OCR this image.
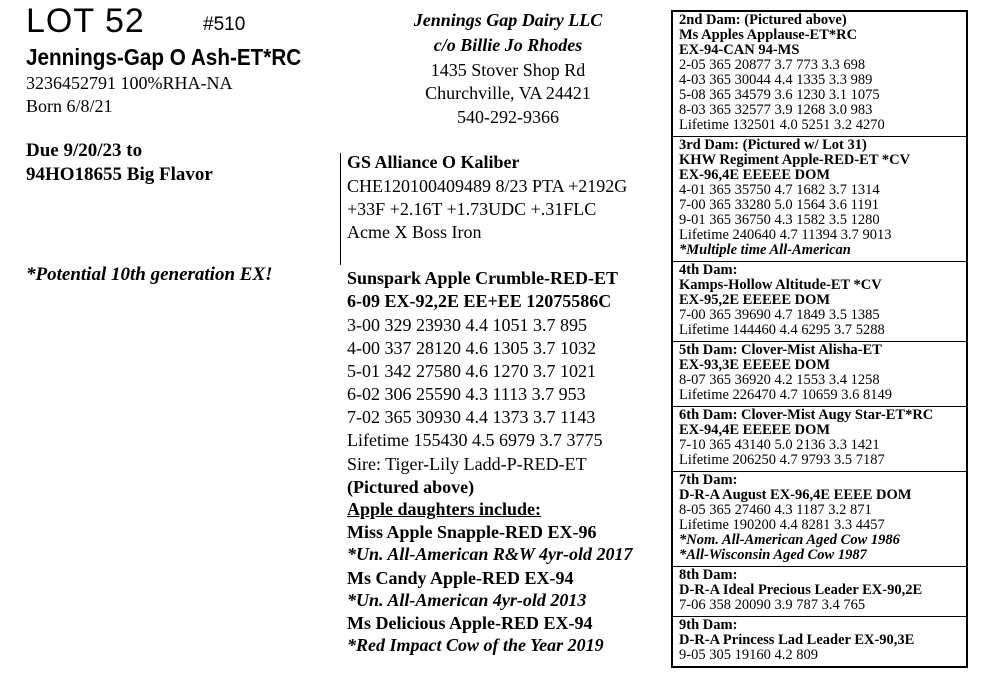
LOT 52	#510
Jennings-Gap O Ash-ET*RC
3236452791 100%RHA-NA
Born 6/8/21
Due 9/20/23 to
94HO18655 Big Flavor
*Potential 10th generation EX!
Jennings Gap Dairy LLC
c/o Billie Jo Rhodes
1435 Stover Shop Rd
Churchville, VA 24421
540-292-9366
GS Alliance O Kaliber
CHE120100409489 8/23 PTA +2192G
+33F +2.16T +1.73UDC +.31FLC
Acme X Boss Iron
Sunspark Apple Crumble-RED-ET
6-09 EX-92,2E EE+EE 12075586C
3-00 329 23930 4.4 1051 3.7 895
4-00 337 28120 4.6 1305 3.7 1032
5-01 342 27580 4.6 1270 3.7 1021
6-02 306 25590 4.3 1113 3.7 953
7-02 365 30930 4.4 1373 3.7 1143
Lifetime 155430 4.5 6979 3.7 3775
Sire: Tiger-Lily Ladd-P-RED-ET
(Pictured above)
Apple daughters include:
Miss Apple Snapple-RED EX-96
*Un. All-American R&W 4yr-old 2017
Ms Candy Apple-RED EX-94
*Un. All-American 4yr-old 2013
Ms Delicious Apple-RED EX-94
*Red Impact Cow of the Year 2019
2nd Dam: (Pictured above)
Ms Apples Applause-ET*RC
EX-94-CAN 94-MS
2-05 365 20877 3.7 773 3.3 698
4-03 365 30044 4.4 1335 3.3 989
5-08 365 34579 3.6 1230 3.1 1075
8-03 365 32577 3.9 1268 3.0 983
Lifetime 132501 4.0 5251 3.2 4270
3rd Dam: (Pictured w/ Lot 31)
KHW Regiment Apple-RED-ET *CV
EX-96,4E EEEEE DOM
4-01 365 35750 4.7 1682 3.7 1314
7-00 365 33280 5.0 1564 3.6 1191
9-01 365 36750 4.3 1582 3.5 1280
Lifetime 240640 4.7 11394 3.7 9013
*Multiple time All-American
4th Dam:
Kamps-Hollow Altitude-ET *CV
EX-95,2E EEEEE DOM
7-00 365 39690 4.7 1849 3.5 1385
Lifetime 144460 4.4 6295 3.7 5288
5th Dam: Clover-Mist Alisha-ET
EX-93,3E EEEEE DOM
8-07 365 36920 4.2 1553 3.4 1258
Lifetime 226470 4.7 10659 3.6 8149
6th Dam: Clover-Mist Augy Star-ET*RC
EX-94,4E EEEEE DOM
7-10 365 43140 5.0 2136 3.3 1421
Lifetime 206250 4.7 9793 3.5 7187
7th Dam:
D-R-A August EX-96,4E EEEE DOM
8-05 365 27460 4.3 1187 3.2 871
Lifetime 190200 4.4 8281 3.3 4457
*Nom. All-American Aged Cow 1986
*All-Wisconsin Aged Cow 1987
8th Dam:
D-R-A Ideal Precious Leader EX-90,2E
7-06 358 20090 3.9 787 3.4 765
9th Dam:
D-R-A Princess Lad Leader EX-90,3E
9-05 305 19160 4.2 809
